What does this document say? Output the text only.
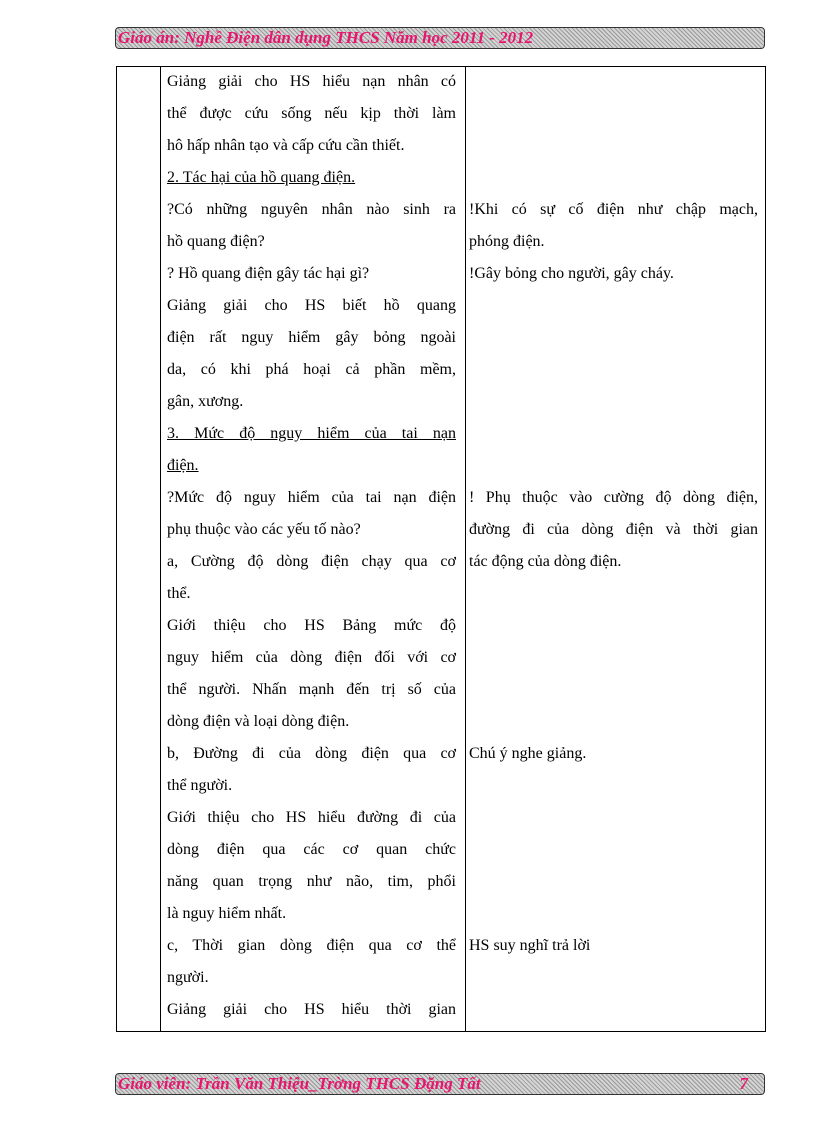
Giáo án: Nghề Điện dân dụng THCS Năm học 2011 - 2012
Giảng giải cho HS hiểu nạn nhân có
thể được cứu sống nếu kịp thời làm
hô hấp nhân tạo và cấp cứu cần thiết.
2. Tác hại của hồ quang điện.
?Có những nguyên nhân nào sinh ra
hồ quang điện?
? Hồ quang điện gây tác hại gì?
Giảng giải cho HS biết hồ quang
điện rất nguy hiểm gây bỏng ngoài
da, có khi phá hoại cả phần mềm,
gân, xương.
3. Mức độ nguy hiểm của tai nạn
điện.
?Mức độ nguy hiểm của tai nạn điện
phụ thuộc vào các yếu tố nào?
a, Cường độ dòng điện chạy qua cơ
thể.
Giới thiệu cho HS Bảng mức độ
nguy hiểm của dòng điện đối với cơ
thể người. Nhấn mạnh đến trị số của
dòng điện và loại dòng điện.
b, Đường đi của dòng điện qua cơ
thể người.
Giới thiệu cho HS hiểu đường đi của
dòng điện qua các cơ quan chức
năng quan trọng như não, tim, phổi
là nguy hiểm nhất.
c, Thời gian dòng điện qua cơ thể
người.
Giảng giải cho HS hiểu thời gian
!Khi có sự cố điện như chập mạch,
phóng điện.
!Gây bỏng cho người, gây cháy.
! Phụ thuộc vào cường độ dòng điện,
đường đi của dòng điện và thời gian
tác động của dòng điện.
Chú ý nghe giảng.
HS suy nghĩ trả lời
Giáo viên: Trần Văn Thiệu_Trờng THCS Đặng Tất	7
